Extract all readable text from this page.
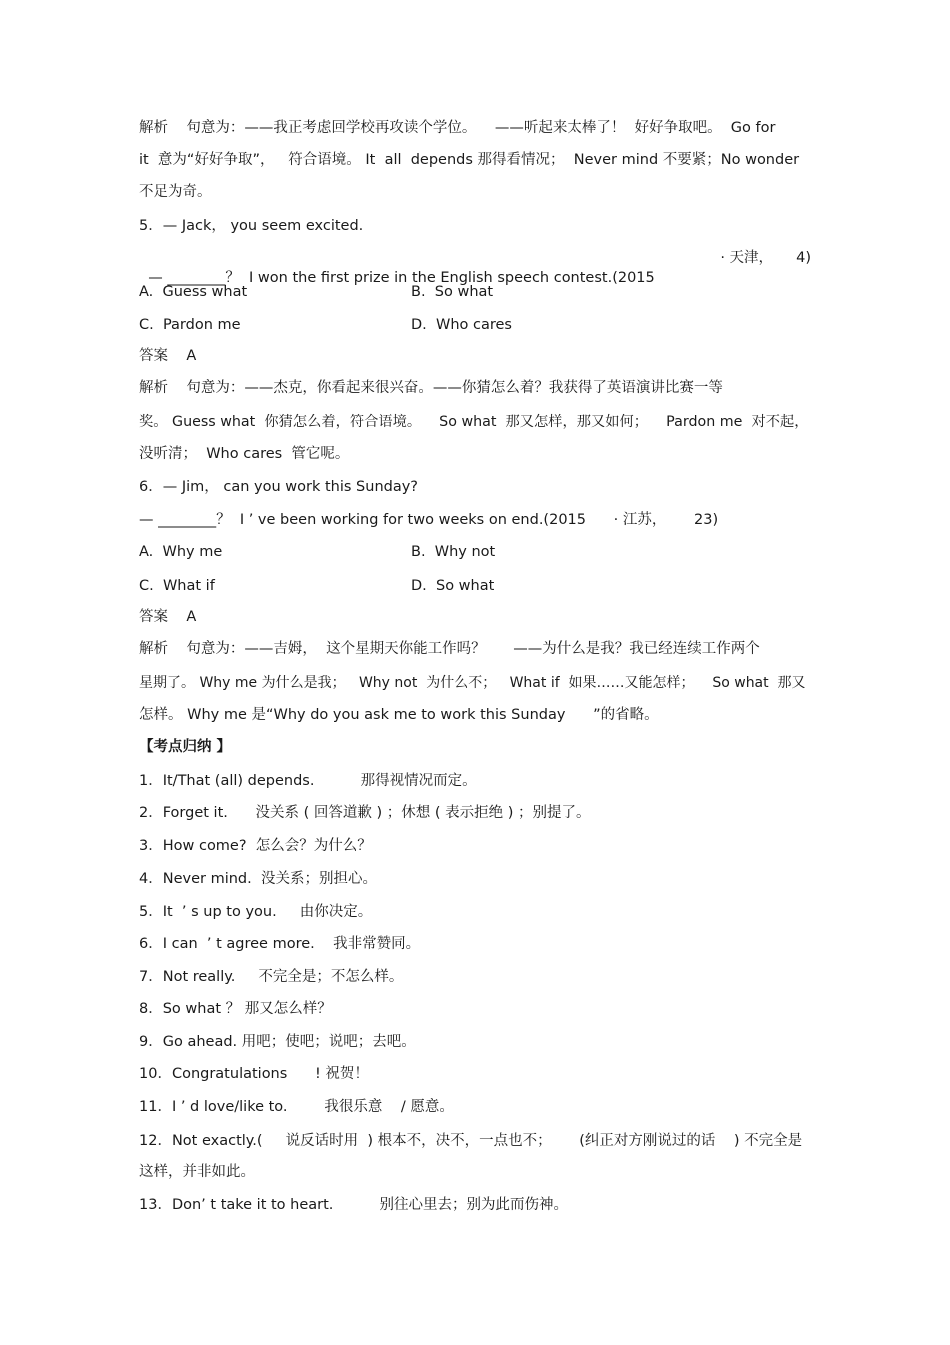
解析    句意为：——我正考虑回学校再攻读个学位。    ——听起来太棒了！  好好争取吧。  Go for
it  意为“好好争取”，   符合语境。 It  all  depends 那得看情况；  Never mind 不要紧；No wonder
不足为奇。
5．— Jack， you seem excited.

— ________？  I won the first prize in the English speech contest.(2015

· 天津，     4)

A.  Guess what	B.  So what
C.  Pardon me	D.  Who cares
答案    A
解析    句意为：——杰克，你看起来很兴奋。——你猜怎么着？我获得了英语演讲比赛一等
奖。 Guess what  你猜怎么着，符合语境。    So what  那又怎样，那又如何；    Pardon me  对不起，
没听清；  Who cares  管它呢。
6．— Jim， can you work this Sunday?
— ________？  I ’ ve been working for two weeks on end.(2015      · 江苏，      23)
A.  Why me	B.  Why not
C.  What if	D.  So what
答案    A
解析    句意为：——吉姆，  这个星期天你能工作吗？      ——为什么是我？我已经连续工作两个
星期了。 Why me 为什么是我；   Why not  为什么不；   What if  如果……又能怎样；    So what  那又
怎样。 Why me 是“Why do you ask me to work this Sunday      ”的省略。
【考点归纳 】
1．It/That (all) depends.          那得视情况而定。
2．Forget it.      没关系 ( 回答道歉 ) ；休想 ( 表示拒绝 ) ；别提了。
3．How come?  怎么会？为什么？
4．Never mind.  没关系；别担心。
5．It  ’ s up to you.     由你决定。
6．I can  ’ t agree more.    我非常赞同。
7．Not really.     不完全是；不怎么样。
8．So what ？ 那又怎么样？
9．Go ahead. 用吧；使吧；说吧；去吧。
10．Congratulations      ! 祝贺！
11．I ’ d love/like to.        我很乐意    / 愿意。
12．Not exactly.(     说反话时用  ) 根本不，决不，一点也不；      (纠正对方刚说过的话    ) 不完全是
这样，并非如此。
13．Don’ t take it to heart.          别往心里去；别为此而伤神。
